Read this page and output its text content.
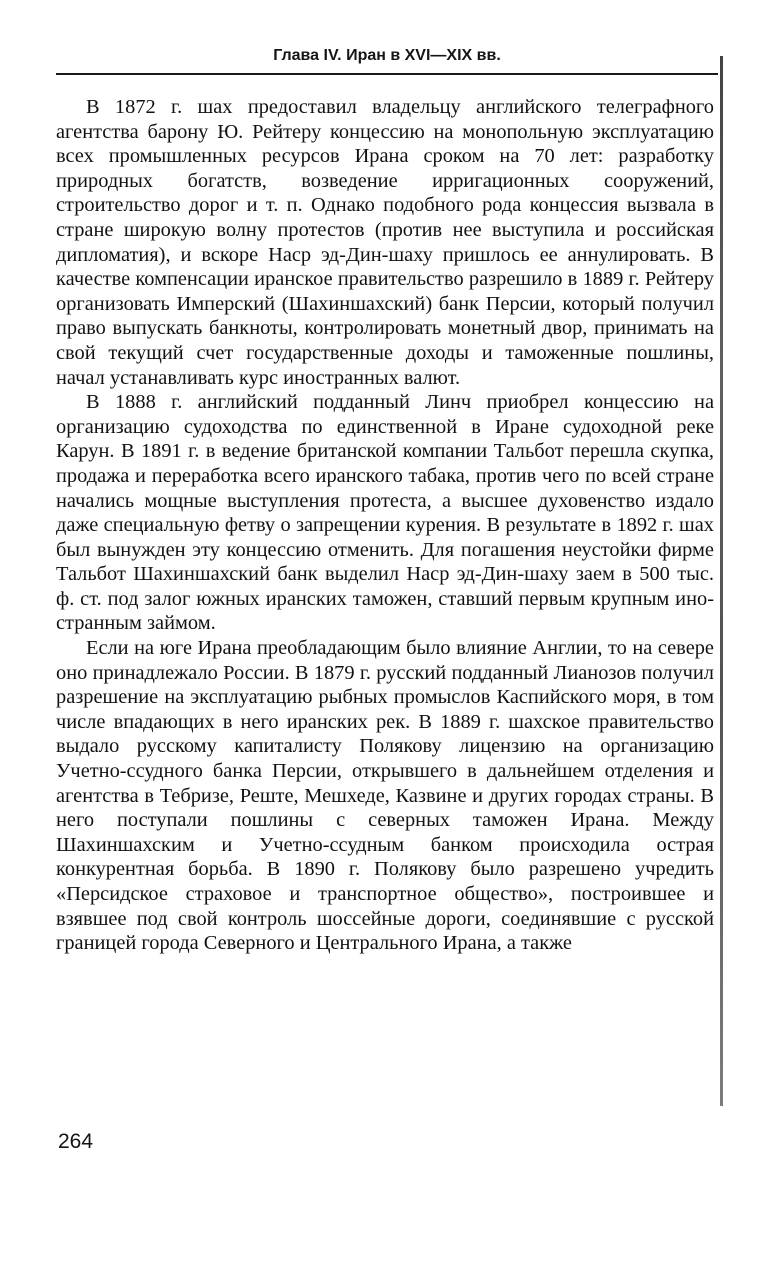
Глава IV. Иран в XVI—XIX вв.

В 1872 г. шах предоставил владельцу английского телеграфного агентства барону Ю. Рейтеру концессию на монопольную эксплуатацию всех промышленных ресурсов Ирана сроком на 70 лет: разработку природных богатств, возведение ирригационных сооружений, строительство дорог и т. п. Однако подобного рода концессия вызвала в стране широкую волну протестов (против нее выступила и российская дипломатия), и вскоре Наср эд-Дин-шаху пришлось ее аннулировать. В качестве компенсации иранское правительство разрешило в 1889 г. Рейтеру организовать Имперский (Шахиншахский) банк Персии, который получил право выпускать банкноты, контролировать монетный двор, принимать на свой текущий счет государственные доходы и таможенные пошлины, начал устанавливать курс иностранных валют.

В 1888 г. английский подданный Линч приобрел концессию на организацию судоходства по единственной в Иране судоходной реке Карун. В 1891 г. в ведение британской компании Тальбот перешла скупка, продажа и переработка всего иранского табака, против чего по всей стране начались мощные выступления протеста, а высшее духовенство издало даже специальную фетву о запрещении курения. В результате в 1892 г. шах был вынужден эту концессию отменить. Для погашения неустойки фирме Тальбот Шахиншахский банк выделил Наср эд-Дин-шаху заем в 500 тыс. ф. ст. под залог южных иранских таможен, ставший первым крупным иностранным займом.

Если на юге Ирана преобладающим было влияние Англии, то на севере оно принадлежало России. В 1879 г. русский подданный Лианозов получил разрешение на эксплуатацию рыбных промыслов Каспийского моря, в том числе впадающих в него иранских рек. В 1889 г. шахское правительство выдало русскому капиталисту Полякову лицензию на организацию Учетно-ссудного банка Персии, открывшего в дальнейшем отделения и агентства в Тебризе, Реште, Мешхеде, Казвине и других городах страны. В него поступали пошлины с северных таможен Ирана. Между Шахиншахским и Учетно-ссудным банком происходила острая конкурентная борьба. В 1890 г. Полякову было разрешено учредить «Персидское страховое и транспортное общество», построившее и взявшее под свой контроль шоссейные дороги, соединявшие с русской границей города Северного и Центрального Ирана, а также

264
